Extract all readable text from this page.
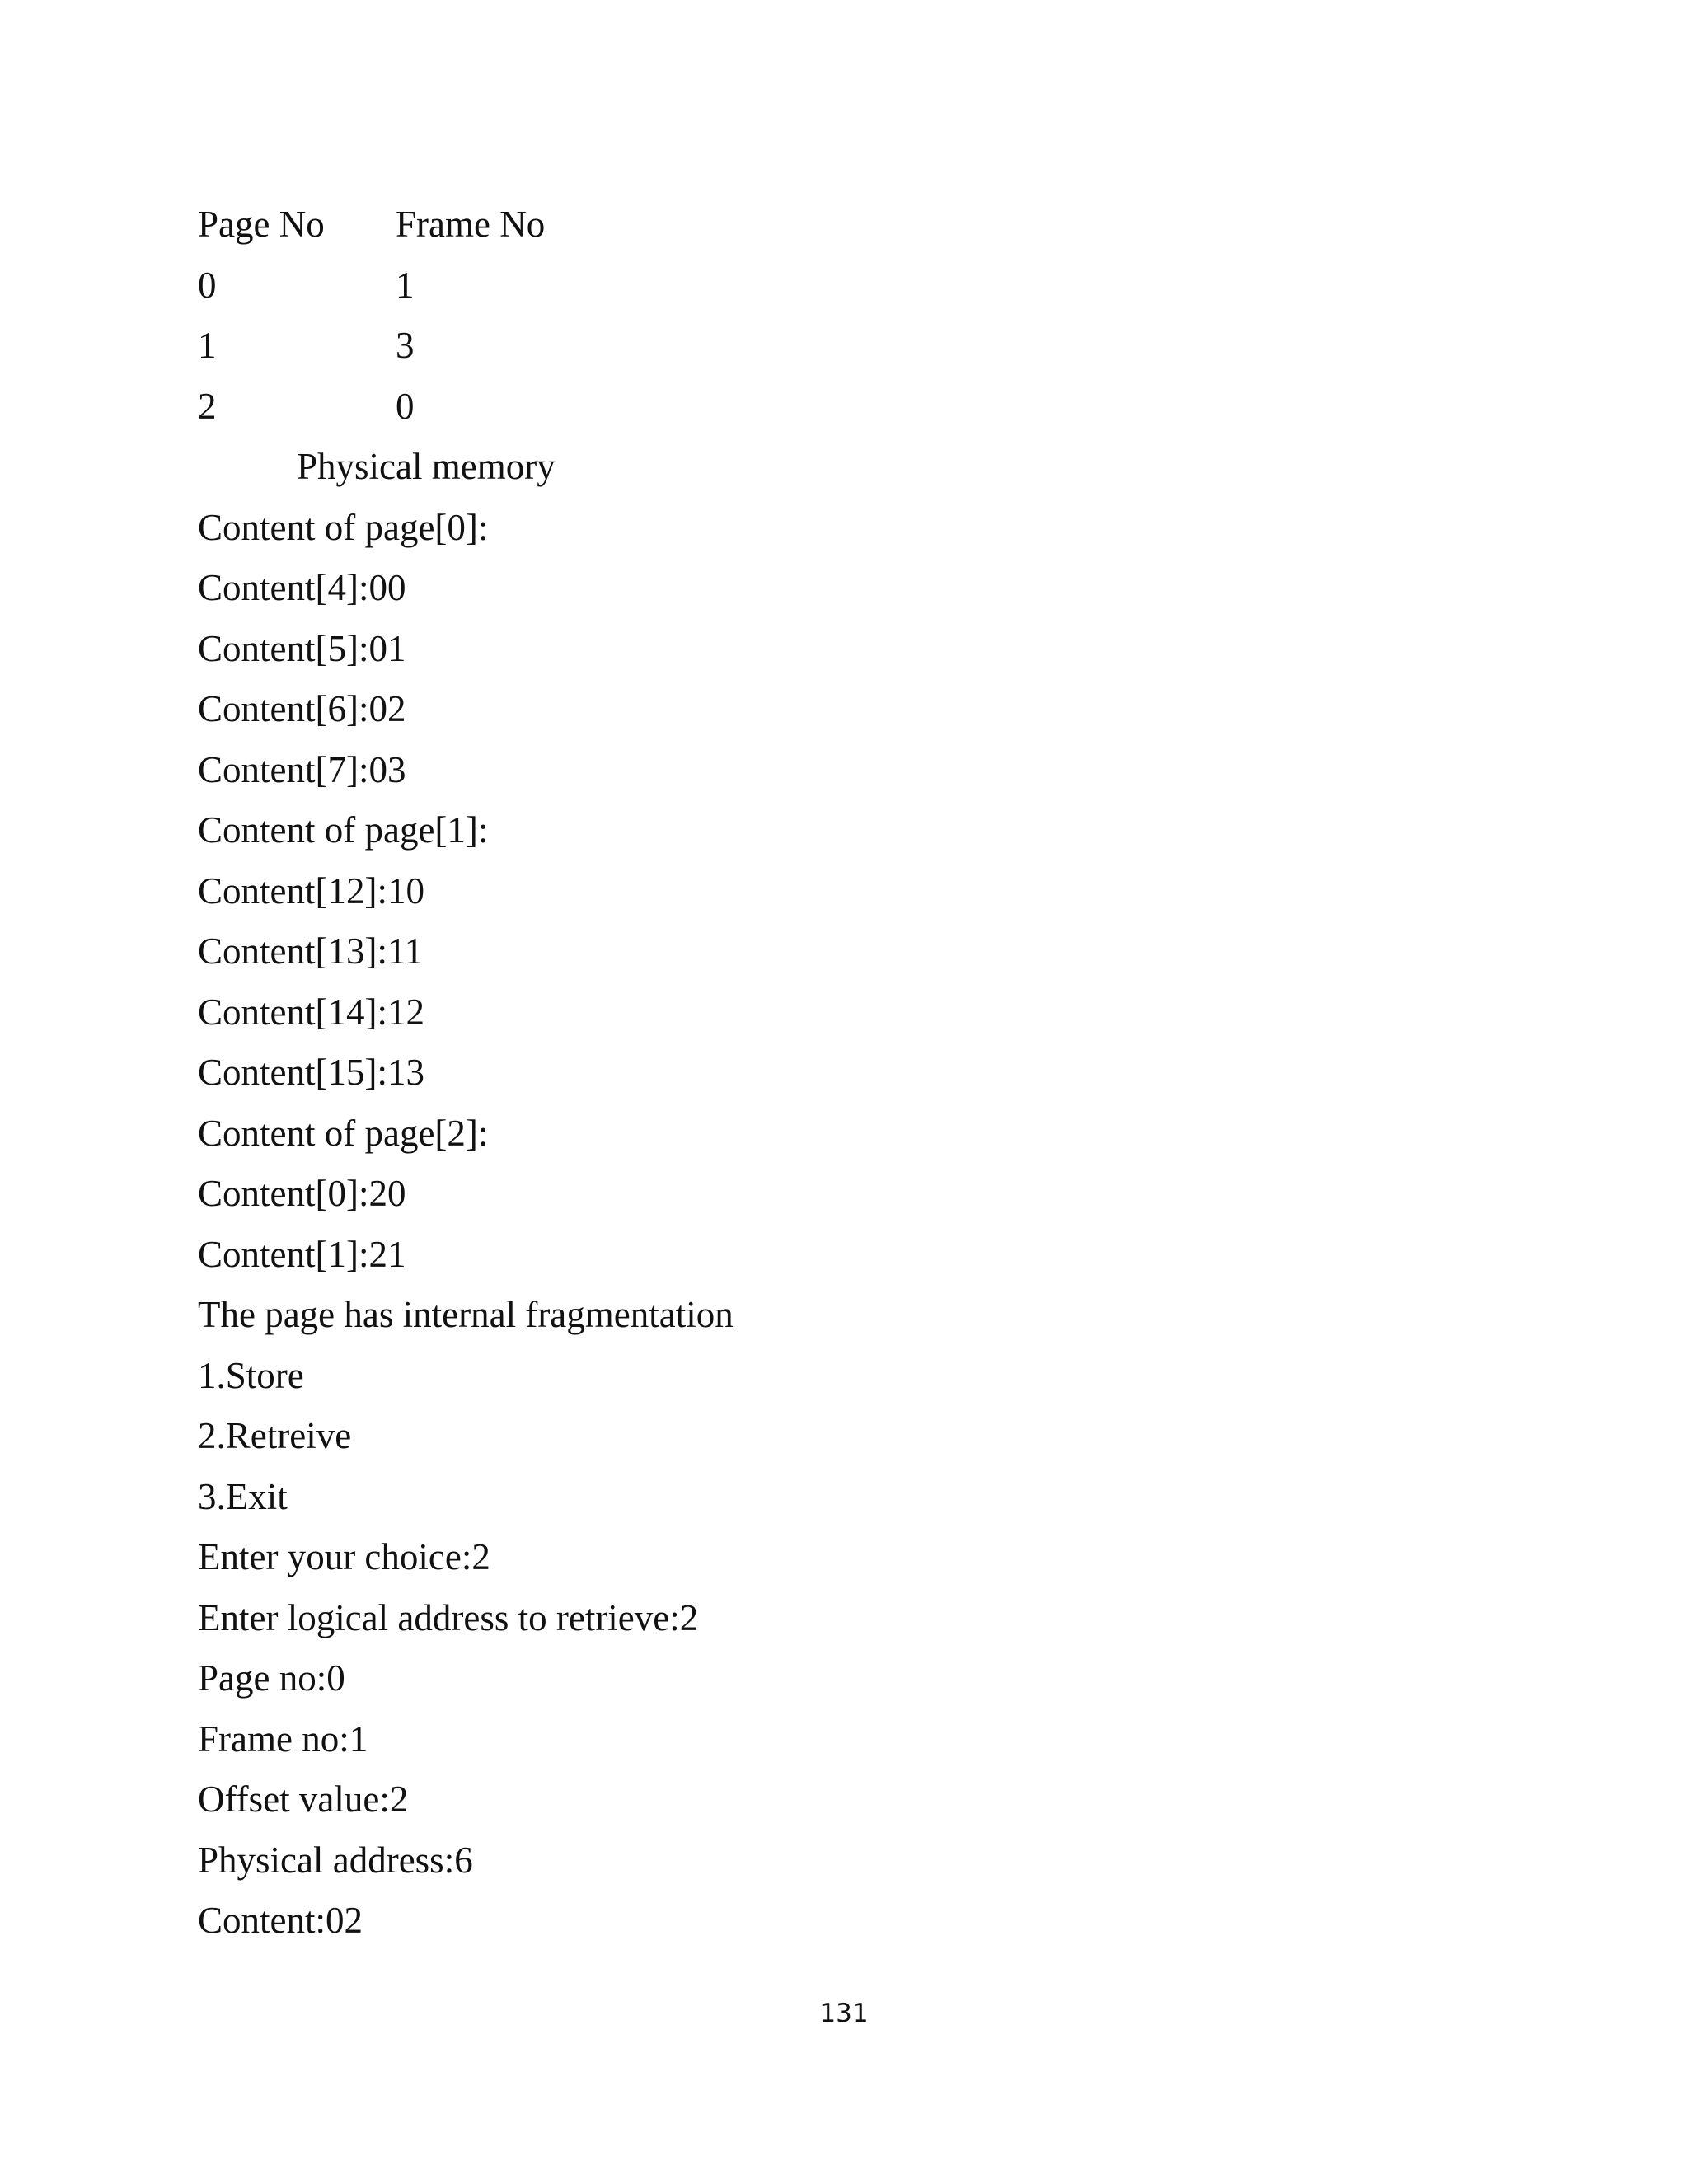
Page No	Frame No
0	1
1	3
2	0
Physical memory
Content of page[0]:
Content[4]:00
Content[5]:01
Content[6]:02
Content[7]:03
Content of page[1]:
Content[12]:10
Content[13]:11
Content[14]:12
Content[15]:13
Content of page[2]:
Content[0]:20
Content[1]:21
The page has internal fragmentation
1.Store
2.Retreive
3.Exit
Enter your choice:2
Enter logical address to retrieve:2
Page no:0
Frame no:1
Offset value:2
Physical address:6
Content:02
131
